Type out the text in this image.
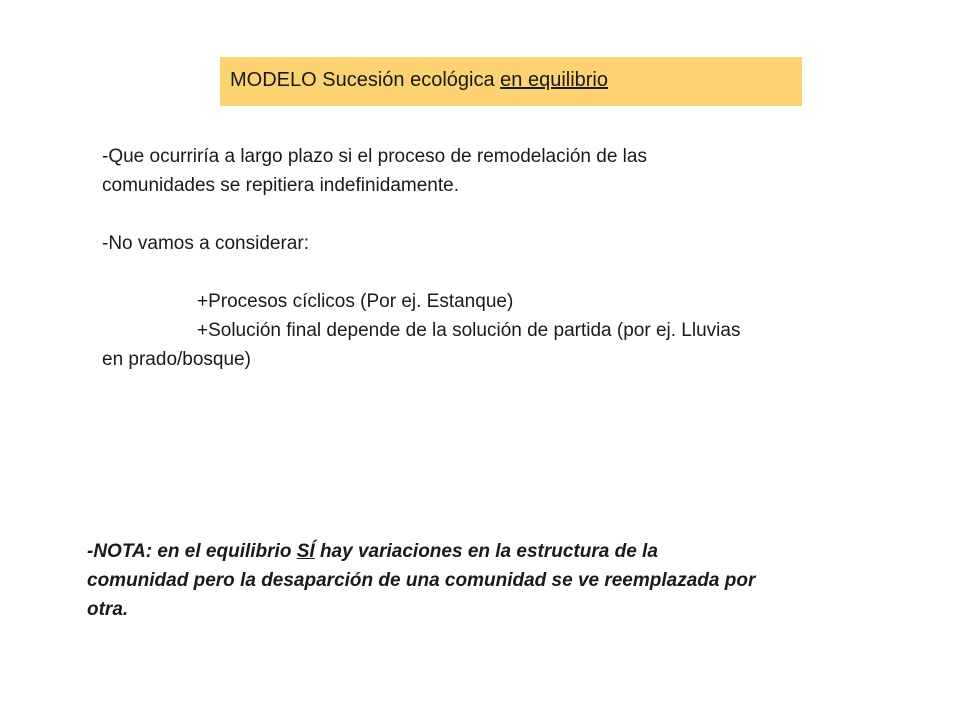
MODELO Sucesión ecológica en equilibrio

-Que ocurriría a largo plazo si el proceso de remodelación de las

comunidades se repitiera indefinidamente.

-No vamos a considerar:

+Procesos cíclicos (Por ej. Estanque)

+Solución final depende de la solución de partida (por ej. Lluvias

en prado/bosque)

-NOTA: en el equilibrio SÍ hay variaciones en la estructura de la
comunidad pero la desaparción de una comunidad se ve reemplazada por
otra.
